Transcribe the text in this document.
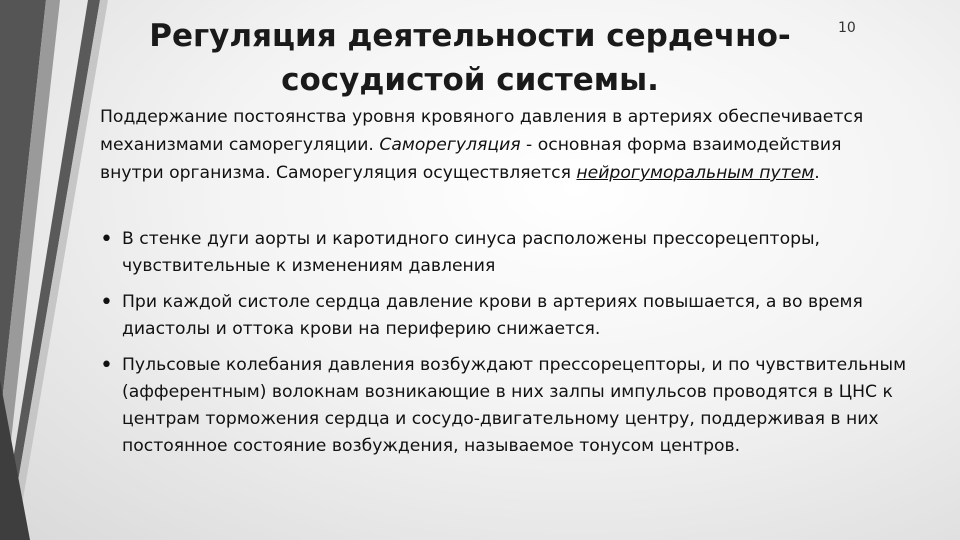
Регуляция деятельности сердечно-сосудистой системы.
10
Поддержание постоянства уровня кровяного давления в артериях обеспечивается механизмами саморегуляции. Саморегуляция - основная форма взаимодействия внутри организма. Саморегуляция осуществляется нейрогуморальным путем.
• В стенке дуги аорты и каротидного синуса расположены прессорецепторы, чувствительные к изменениям давления
• При каждой систоле сердца давление крови в артериях повышается, а во время диастолы и оттока крови на периферию снижается.
• Пульсовые колебания давления возбуждают прессорецепторы, и по чувствительным (афферентным) волокнам возникающие в них залпы импульсов проводятся в ЦНС к центрам торможения сердца и сосудо-двигательному центру, поддерживая в них постоянное состояние возбуждения, называемое тонусом центров.
